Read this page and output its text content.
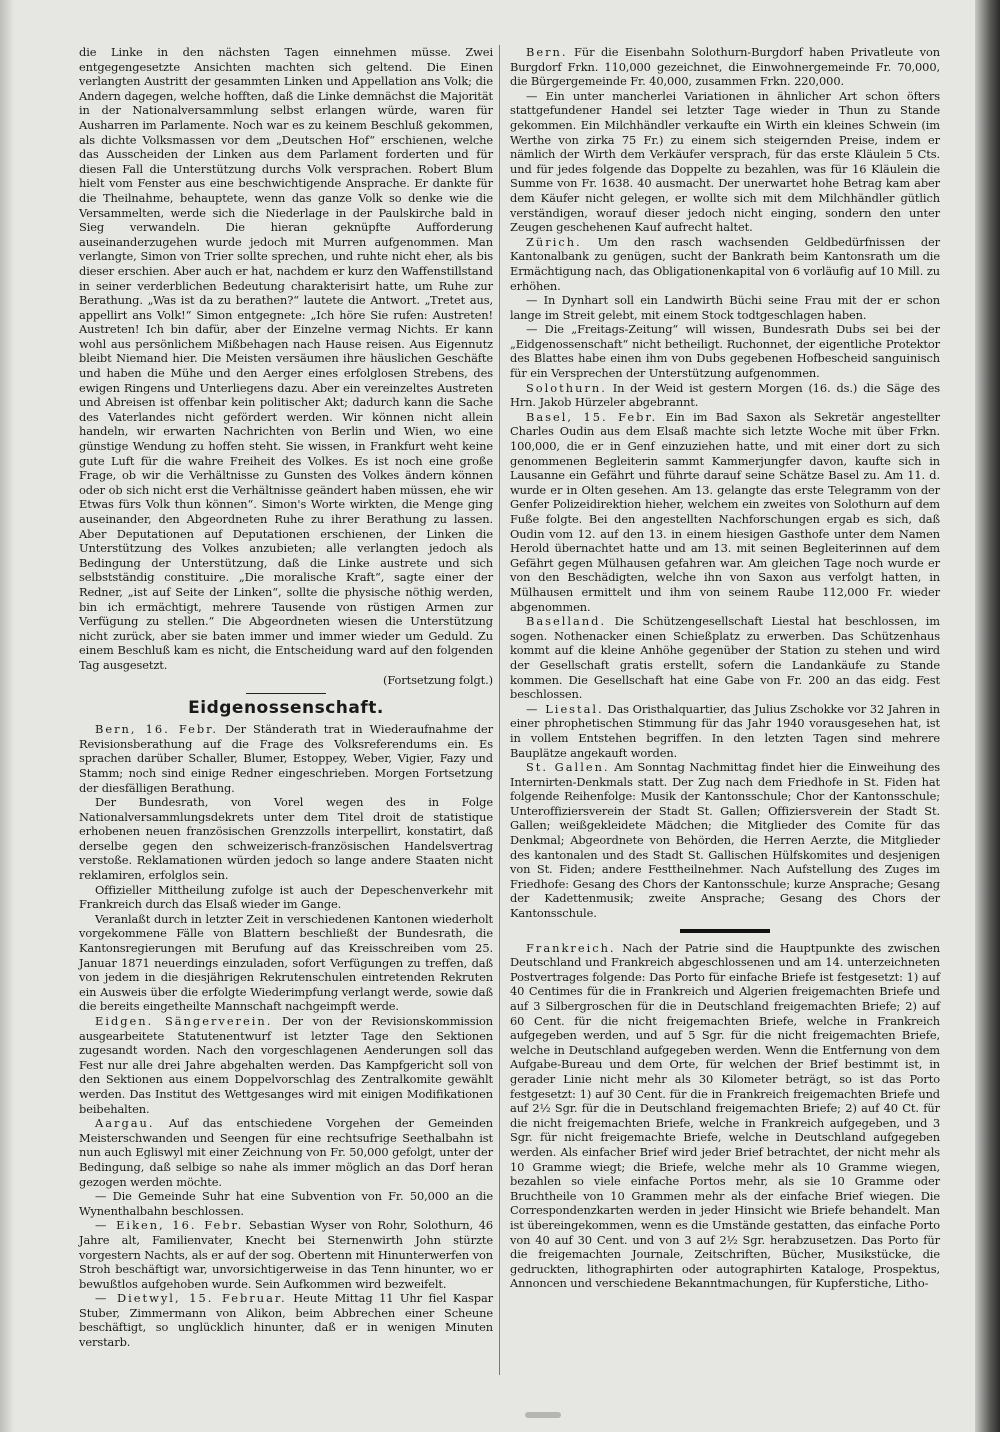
die Linke in den nächsten Tagen einnehmen müsse. Zwei entgegengesetzte Ansichten machten sich geltend. Die Einen verlangten Austritt der gesammten Linken und Appellation ans Volk; die Andern dagegen, welche hofften, daß die Linke demnächst die Majorität in der Nationalversammlung selbst erlangen würde, waren für Ausharren im Parlamente. Noch war es zu keinem Beschluß gekommen, als dichte Volksmassen vor dem „Deutschen Hof“ erschienen, welche das Ausscheiden der Linken aus dem Parlament forderten und für diesen Fall die Unterstützung durchs Volk versprachen. Robert Blum hielt vom Fenster aus eine beschwichtigende Ansprache. Er dankte für die Theilnahme, behauptete, wenn das ganze Volk so denke wie die Versammelten, werde sich die Niederlage in der Paulskirche bald in Sieg verwandeln. Die hieran geknüpfte Aufforderung auseinanderzugehen wurde jedoch mit Murren aufgenommen. Man verlangte, Simon von Trier sollte sprechen, und ruhte nicht eher, als bis dieser erschien. Aber auch er hat, nachdem er kurz den Waffenstillstand in seiner verderblichen Bedeutung charakterisirt hatte, um Ruhe zur Berathung. „Was ist da zu berathen?“ lautete die Antwort. „Tretet aus, appellirt ans Volk!“ Simon entgegnete: „Ich höre Sie rufen: Austreten! Austreten! Ich bin dafür, aber der Einzelne vermag Nichts. Er kann wohl aus persönlichem Mißbehagen nach Hause reisen. Aus Eigennutz bleibt Niemand hier. Die Meisten versäumen ihre häuslichen Geschäfte und haben die Mühe und den Aerger eines erfolglosen Strebens, des ewigen Ringens und Unterliegens dazu. Aber ein vereinzeltes Austreten und Abreisen ist offenbar kein politischer Akt; dadurch kann die Sache des Vaterlandes nicht gefördert werden. Wir können nicht allein handeln, wir erwarten Nachrichten von Berlin und Wien, wo eine günstige Wendung zu hoffen steht. Sie wissen, in Frankfurt weht keine gute Luft für die wahre Freiheit des Volkes. Es ist noch eine große Frage, ob wir die Verhältnisse zu Gunsten des Volkes ändern können oder ob sich nicht erst die Verhältnisse geändert haben müssen, ehe wir Etwas fürs Volk thun können“. Simon's Worte wirkten, die Menge ging auseinander, den Abgeordneten Ruhe zu ihrer Berathung zu lassen. Aber Deputationen auf Deputationen erschienen, der Linken die Unterstützung des Volkes anzubieten; alle verlangten jedoch als Bedingung der Unterstützung, daß die Linke austrete und sich selbstständig constituire. „Die moralische Kraft“, sagte einer der Redner, „ist auf Seite der Linken“, sollte die physische nöthig werden, bin ich ermächtigt, mehrere Tausende von rüstigen Armen zur Verfügung zu stellen.“ Die Abgeordneten wiesen die Unterstützung nicht zurück, aber sie baten immer und immer wieder um Geduld. Zu einem Beschluß kam es nicht, die Entscheidung ward auf den folgenden Tag ausgesetzt.

(Fortsetzung folgt.)

Eidgenossenschaft.

Bern, 16. Febr. Der Ständerath trat in Wiederaufnahme der Revisionsberathung auf die Frage des Volksreferendums ein. Es sprachen darüber Schaller, Blumer, Estoppey, Weber, Vigier, Fazy und Stamm; noch sind einige Redner eingeschrieben. Morgen Fortsetzung der diesfälligen Berathung.

Der Bundesrath, von Vorel wegen des in Folge Nationalversammlungsdekrets unter dem Titel droit de statistique erhobenen neuen französischen Grenzzolls interpellirt, konstatirt, daß derselbe gegen den schweizerisch-französischen Handelsvertrag verstoße. Reklamationen würden jedoch so lange andere Staaten nicht reklamiren, erfolglos sein.

Offizieller Mittheilung zufolge ist auch der Depeschenverkehr mit Frankreich durch das Elsaß wieder im Gange.

Veranlaßt durch in letzter Zeit in verschiedenen Kantonen wiederholt vorgekommene Fälle von Blattern beschließt der Bundesrath, die Kantonsregierungen mit Berufung auf das Kreisschreiben vom 25. Januar 1871 neuerdings einzuladen, sofort Verfügungen zu treffen, daß von jedem in die diesjährigen Rekrutenschulen eintretenden Rekruten ein Ausweis über die erfolgte Wiederimpfung verlangt werde, sowie daß die bereits eingetheilte Mannschaft nachgeimpft werde.

Eidgen. Sängerverein. Der von der Revisionskommission ausgearbeitete Statutenentwurf ist letzter Tage den Sektionen zugesandt worden. Nach den vorgeschlagenen Aenderungen soll das Fest nur alle drei Jahre abgehalten werden. Das Kampfgericht soll von den Sektionen aus einem Doppelvorschlag des Zentralkomite gewählt werden. Das Institut des Wettgesanges wird mit einigen Modifikationen beibehalten.

Aargau. Auf das entschiedene Vorgehen der Gemeinden Meisterschwanden und Seengen für eine rechtsufrige Seethalbahn ist nun auch Egliswyl mit einer Zeichnung von Fr. 50,000 gefolgt, unter der Bedingung, daß selbige so nahe als immer möglich an das Dorf heran gezogen werden möchte.

— Die Gemeinde Suhr hat eine Subvention von Fr. 50,000 an die Wynenthalbahn beschlossen.

— Eiken, 16. Febr. Sebastian Wyser von Rohr, Solothurn, 46 Jahre alt, Familienvater, Knecht bei Sternenwirth John stürzte vorgestern Nachts, als er auf der sog. Obertenn mit Hinunterwerfen von Stroh beschäftigt war, unvorsichtigerweise in das Tenn hinunter, wo er bewußtlos aufgehoben wurde. Sein Aufkommen wird bezweifelt.

— Dietwyl, 15. Februar. Heute Mittag 11 Uhr fiel Kaspar Stuber, Zimmermann von Alikon, beim Abbrechen einer Scheune beschäftigt, so unglücklich hinunter, daß er in wenigen Minuten verstarb.

Bern. Für die Eisenbahn Solothurn-Burgdorf haben Privatleute von Burgdorf Frkn. 110,000 gezeichnet, die Einwohnergemeinde Fr. 70,000, die Bürgergemeinde Fr. 40,000, zusammen Frkn. 220,000.

— Ein unter mancherlei Variationen in ähnlicher Art schon öfters stattgefundener Handel sei letzter Tage wieder in Thun zu Stande gekommen. Ein Milchhändler verkaufte ein Wirth ein kleines Schwein (im Werthe von zirka 75 Fr.) zu einem sich steigernden Preise, indem er nämlich der Wirth dem Verkäufer versprach, für das erste Kläulein 5 Cts. und für jedes folgende das Doppelte zu bezahlen, was für 16 Kläulein die Summe von Fr. 1638. 40 ausmacht. Der unerwartet hohe Betrag kam aber dem Käufer nicht gelegen, er wollte sich mit dem Milchhändler gütlich verständigen, worauf dieser jedoch nicht einging, sondern den unter Zeugen geschehenen Kauf aufrecht haltet.

Zürich. Um den rasch wachsenden Geldbedürfnissen der Kantonalbank zu genügen, sucht der Bankrath beim Kantonsrath um die Ermächtigung nach, das Obligationenkapital von 6 vorläufig auf 10 Mill. zu erhöhen.

— In Dynhart soll ein Landwirth Büchi seine Frau mit der er schon lange im Streit gelebt, mit einem Stock todtgeschlagen haben.

— Die „Freitags-Zeitung“ will wissen, Bundesrath Dubs sei bei der „Eidgenossenschaft“ nicht betheiligt. Ruchonnet, der eigentliche Protektor des Blattes habe einen ihm von Dubs gegebenen Hofbescheid sanguinisch für ein Versprechen der Unterstützung aufgenommen.

Solothurn. In der Weid ist gestern Morgen (16. ds.) die Säge des Hrn. Jakob Hürzeler abgebrannt.

Basel, 15. Febr. Ein im Bad Saxon als Sekretär angestellter Charles Oudin aus dem Elsaß machte sich letzte Woche mit über Frkn. 100,000, die er in Genf einzuziehen hatte, und mit einer dort zu sich genommenen Begleiterin sammt Kammerjungfer davon, kaufte sich in Lausanne ein Gefährt und führte darauf seine Schätze Basel zu. Am 11. d. wurde er in Olten gesehen. Am 13. gelangte das erste Telegramm von der Genfer Polizeidirektion hieher, welchem ein zweites von Solothurn auf dem Fuße folgte. Bei den angestellten Nachforschungen ergab es sich, daß Oudin vom 12. auf den 13. in einem hiesigen Gasthofe unter dem Namen Herold übernachtet hatte und am 13. mit seinen Begleiterinnen auf dem Gefährt gegen Mülhausen gefahren war. Am gleichen Tage noch wurde er von den Beschädigten, welche ihn von Saxon aus verfolgt hatten, in Mülhausen ermittelt und ihm von seinem Raube 112,000 Fr. wieder abgenommen.

Baselland. Die Schützengesellschaft Liestal hat beschlossen, im sogen. Nothenacker einen Schießplatz zu erwerben. Das Schützenhaus kommt auf die kleine Anhöhe gegenüber der Station zu stehen und wird der Gesellschaft gratis erstellt, sofern die Landankäufe zu Stande kommen. Die Gesellschaft hat eine Gabe von Fr. 200 an das eidg. Fest beschlossen.

— Liestal. Das Oristhalquartier, das Julius Zschokke vor 32 Jahren in einer phrophetischen Stimmung für das Jahr 1940 vorausgesehen hat, ist in vollem Entstehen begriffen. In den letzten Tagen sind mehrere Bauplätze angekauft worden.

St. Gallen. Am Sonntag Nachmittag findet hier die Einweihung des Internirten-Denkmals statt. Der Zug nach dem Friedhofe in St. Fiden hat folgende Reihenfolge: Musik der Kantonsschule; Chor der Kantonsschule; Unteroffiziersverein der Stadt St. Gallen; Offiziersverein der Stadt St. Gallen; weißgekleidete Mädchen; die Mitglieder des Comite für das Denkmal; Abgeordnete von Behörden, die Herren Aerzte, die Mitglieder des kantonalen und des Stadt St. Gallischen Hülfskomites und desjenigen von St. Fiden; andere Festtheilnehmer. Nach Aufstellung des Zuges im Friedhofe: Gesang des Chors der Kantonsschule; kurze Ansprache; Gesang der Kadettenmusik; zweite Ansprache; Gesang des Chors der Kantonsschule.

Frankreich. Nach der Patrie sind die Hauptpunkte des zwischen Deutschland und Frankreich abgeschlossenen und am 14. unterzeichneten Postvertrages folgende: Das Porto für einfache Briefe ist festgesetzt: 1) auf 40 Centimes für die in Frankreich und Algerien freigemachten Briefe und auf 3 Silbergroschen für die in Deutschland freigemachten Briefe; 2) auf 60 Cent. für die nicht freigemachten Briefe, welche in Frankreich aufgegeben werden, und auf 5 Sgr. für die nicht freigemachten Briefe, welche in Deutschland aufgegeben werden. Wenn die Entfernung von dem Aufgabe-Bureau und dem Orte, für welchen der Brief bestimmt ist, in gerader Linie nicht mehr als 30 Kilometer beträgt, so ist das Porto festgesetzt: 1) auf 30 Cent. für die in Frankreich freigemachten Briefe und auf 2½ Sgr. für die in Deutschland freigemachten Briefe; 2) auf 40 Ct. für die nicht freigemachten Briefe, welche in Frankreich aufgegeben, und 3 Sgr. für nicht freigemachte Briefe, welche in Deutschland aufgegeben werden. Als einfacher Brief wird jeder Brief betrachtet, der nicht mehr als 10 Gramme wiegt; die Briefe, welche mehr als 10 Gramme wiegen, bezahlen so viele einfache Portos mehr, als sie 10 Gramme oder Bruchtheile von 10 Grammen mehr als der einfache Brief wiegen. Die Correspondenzkarten werden in jeder Hinsicht wie Briefe behandelt. Man ist übereingekommen, wenn es die Umstände gestatten, das einfache Porto von 40 auf 30 Cent. und von 3 auf 2½ Sgr. herabzusetzen. Das Porto für die freigemachten Journale, Zeitschriften, Bücher, Musikstücke, die gedruckten, lithographirten oder autographirten Kataloge, Prospektus, Annoncen und verschiedene Bekanntmachungen, für Kupferstiche, Litho-
